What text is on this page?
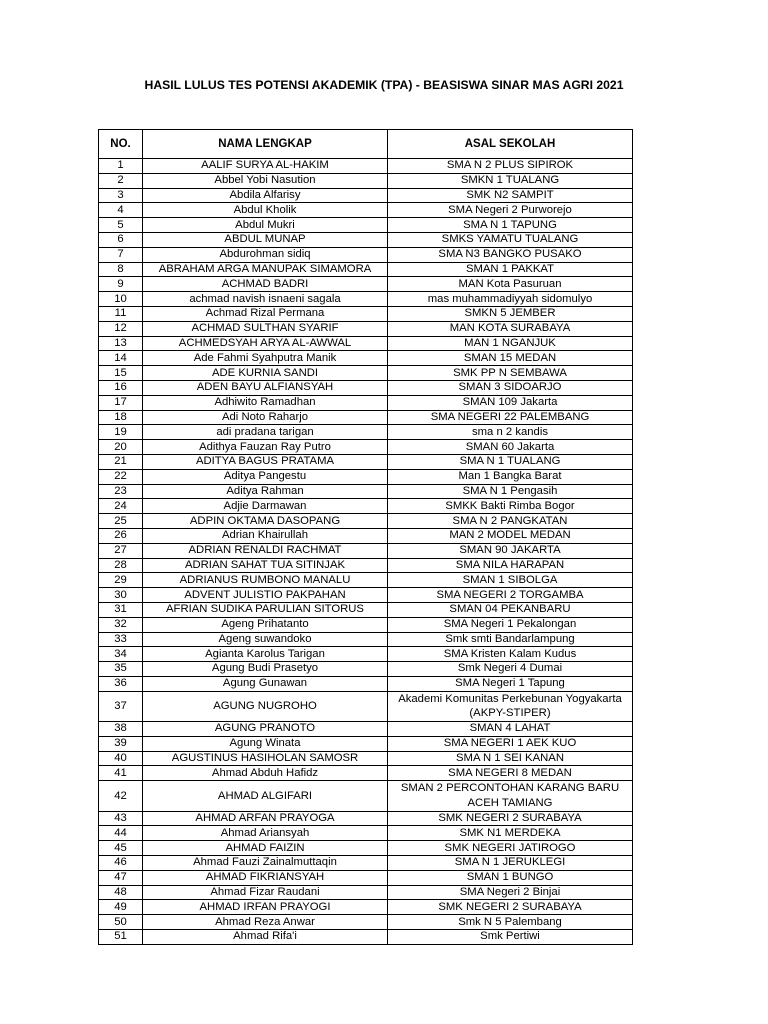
HASIL LULUS TES POTENSI AKADEMIK (TPA) - BEASISWA SINAR MAS AGRI 2021
NO.	NAMA LENGKAP	ASAL SEKOLAH
1	AALIF SURYA AL-HAKIM	SMA N 2 PLUS SIPIROK
2	Abbel Yobi Nasution	SMKN 1 TUALANG
3	Abdila Alfarisy	SMK N2 SAMPIT
4	Abdul Kholik	SMA Negeri 2 Purworejo
5	Abdul Mukri	SMA N 1 TAPUNG
6	ABDUL MUNAP	SMKS YAMATU TUALANG
7	Abdurohman sidiq	SMA N3 BANGKO PUSAKO
8	ABRAHAM ARGA MANUPAK SIMAMORA	SMAN 1 PAKKAT
9	ACHMAD BADRI	MAN Kota Pasuruan
10	achmad navish isnaeni sagala	mas muhammadiyyah sidomulyo
11	Achmad Rizal Permana	SMKN 5 JEMBER
12	ACHMAD SULTHAN SYARIF	MAN KOTA SURABAYA
13	ACHMEDSYAH ARYA AL-AWWAL	MAN 1 NGANJUK
14	Ade Fahmi Syahputra Manik	SMAN 15 MEDAN
15	ADE KURNIA SANDI	SMK PP N SEMBAWA
16	ADEN BAYU ALFIANSYAH	SMAN 3 SIDOARJO
17	Adhiwito Ramadhan	SMAN 109 Jakarta
18	Adi Noto Raharjo	SMA NEGERI 22 PALEMBANG
19	adi pradana tarigan	sma n 2 kandis
20	Adithya Fauzan Ray Putro	SMAN 60 Jakarta
21	ADITYA BAGUS PRATAMA	SMA N 1 TUALANG
22	Aditya Pangestu	Man 1 Bangka Barat
23	Aditya Rahman	SMA N 1 Pengasih
24	Adjie Darmawan	SMKK Bakti Rimba Bogor
25	ADPIN OKTAMA DASOPANG	SMA N 2 PANGKATAN
26	Adrian Khairullah	MAN 2 MODEL MEDAN
27	ADRIAN RENALDI RACHMAT	SMAN 90 JAKARTA
28	ADRIAN SAHAT TUA SITINJAK	SMA NILA HARAPAN
29	ADRIANUS RUMBONO MANALU	SMAN 1 SIBOLGA
30	ADVENT JULISTIO PAKPAHAN	SMA NEGERI 2 TORGAMBA
31	AFRIAN SUDIKA PARULIAN SITORUS	SMAN 04 PEKANBARU
32	Ageng Prihatanto	SMA Negeri 1 Pekalongan
33	Ageng suwandoko	Smk smti Bandarlampung
34	Agianta Karolus Tarigan	SMA Kristen Kalam Kudus
35	Agung Budi Prasetyo	Smk Negeri 4 Dumai
36	Agung Gunawan	SMA Negeri 1 Tapung
37	AGUNG NUGROHO	Akademi Komunitas Perkebunan Yogyakarta (AKPY-STIPER)
38	AGUNG PRANOTO	SMAN 4 LAHAT
39	Agung Winata	SMA NEGERI 1 AEK KUO
40	AGUSTINUS HASIHOLAN SAMOSR	SMA N 1 SEI KANAN
41	Ahmad Abduh Hafidz	SMA NEGERI 8 MEDAN
42	AHMAD ALGIFARI	SMAN 2 PERCONTOHAN KARANG BARU ACEH TAMIANG
43	AHMAD ARFAN PRAYOGA	SMK NEGERI 2 SURABAYA
44	Ahmad Ariansyah	SMK N1 MERDEKA
45	AHMAD FAIZIN	SMK NEGERI JATIROGO
46	Ahmad Fauzi Zainalmuttaqin	SMA N 1 JERUKLEGI
47	AHMAD FIKRIANSYAH	SMAN 1 BUNGO
48	Ahmad Fizar Raudani	SMA Negeri 2 Binjai
49	AHMAD IRFAN PRAYOGI	SMK NEGERI 2 SURABAYA
50	Ahmad Reza Anwar	Smk N 5 Palembang
51	Ahmad Rifa'i	Smk Pertiwi
